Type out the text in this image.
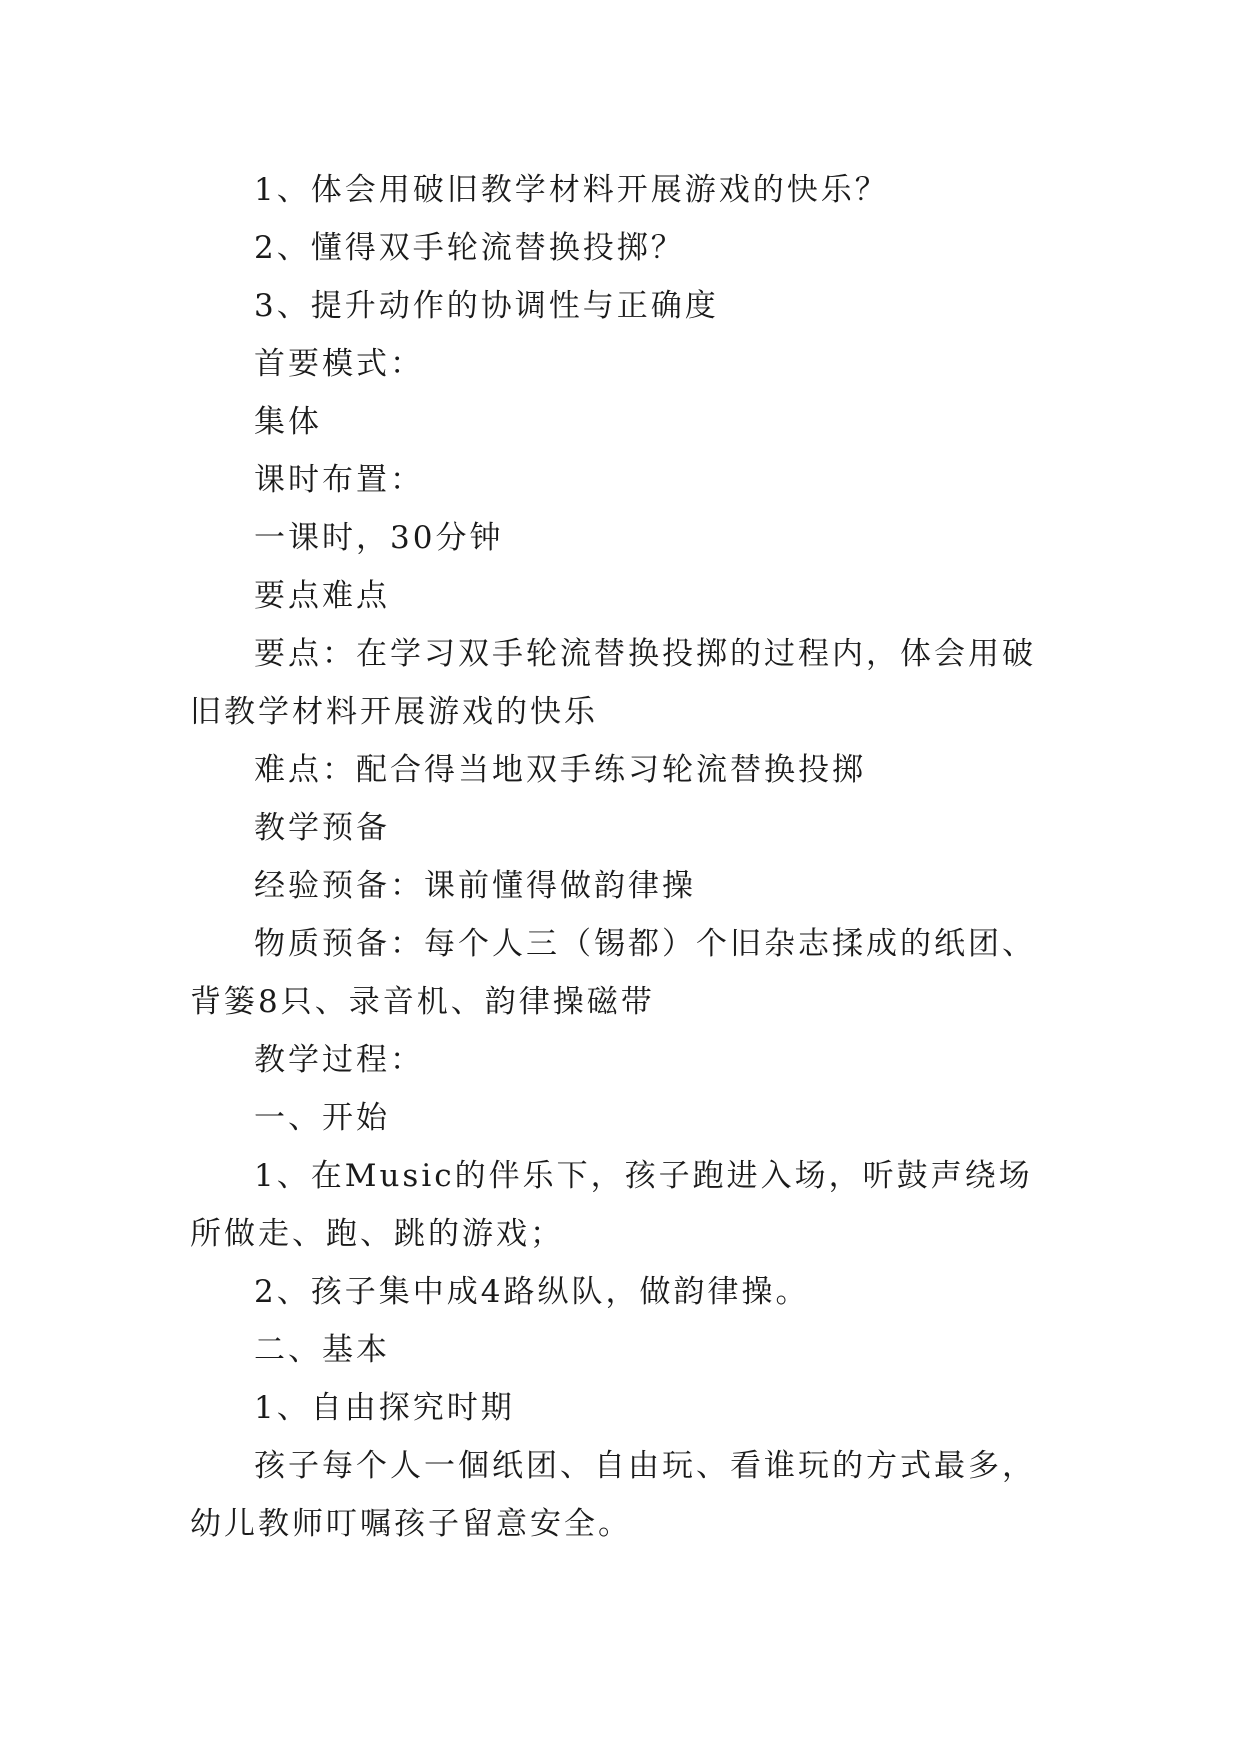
1、体会用破旧教学材料开展游戏的快乐？

2、懂得双手轮流替换投掷？

3、提升动作的协调性与正确度

首要模式：

集体

课时布置：

一课时，30分钟

要点难点

要点：在学习双手轮流替换投掷的过程内，体会用破旧教学材料开展游戏的快乐

难点：配合得当地双手练习轮流替换投掷

教学预备

经验预备：课前懂得做韵律操

物质预备：每个人三（锡都）个旧杂志揉成的纸团、背篓8只、录音机、韵律操磁带

教学过程：

一、开始

1、在Music的伴乐下，孩子跑进入场，听鼓声绕场所做走、跑、跳的游戏；

2、孩子集中成4路纵队，做韵律操。

二、基本

1、自由探究时期

孩子每个人一個纸团、自由玩、看谁玩的方式最多，幼儿教师叮嘱孩子留意安全。
